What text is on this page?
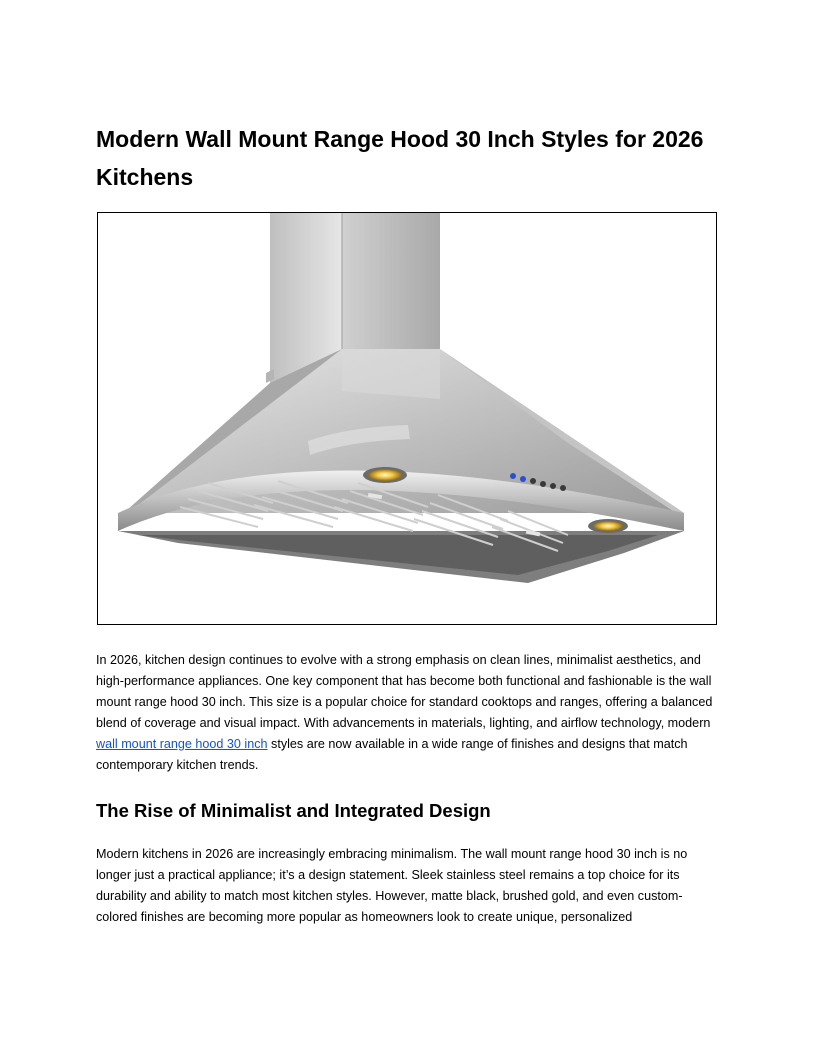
Modern Wall Mount Range Hood 30 Inch Styles for 2026 Kitchens

In 2026, kitchen design continues to evolve with a strong emphasis on clean lines, minimalist aesthetics, and high-performance appliances. One key component that has become both functional and fashionable is the wall mount range hood 30 inch. This size is a popular choice for standard cooktops and ranges, offering a balanced blend of coverage and visual impact. With advancements in materials, lighting, and airflow technology, modern wall mount range hood 30 inch styles are now available in a wide range of finishes and designs that match contemporary kitchen trends.

The Rise of Minimalist and Integrated Design

Modern kitchens in 2026 are increasingly embracing minimalism. The wall mount range hood 30 inch is no longer just a practical appliance; it’s a design statement. Sleek stainless steel remains a top choice for its durability and ability to match most kitchen styles. However, matte black, brushed gold, and even custom-colored finishes are becoming more popular as homeowners look to create unique, personalized
